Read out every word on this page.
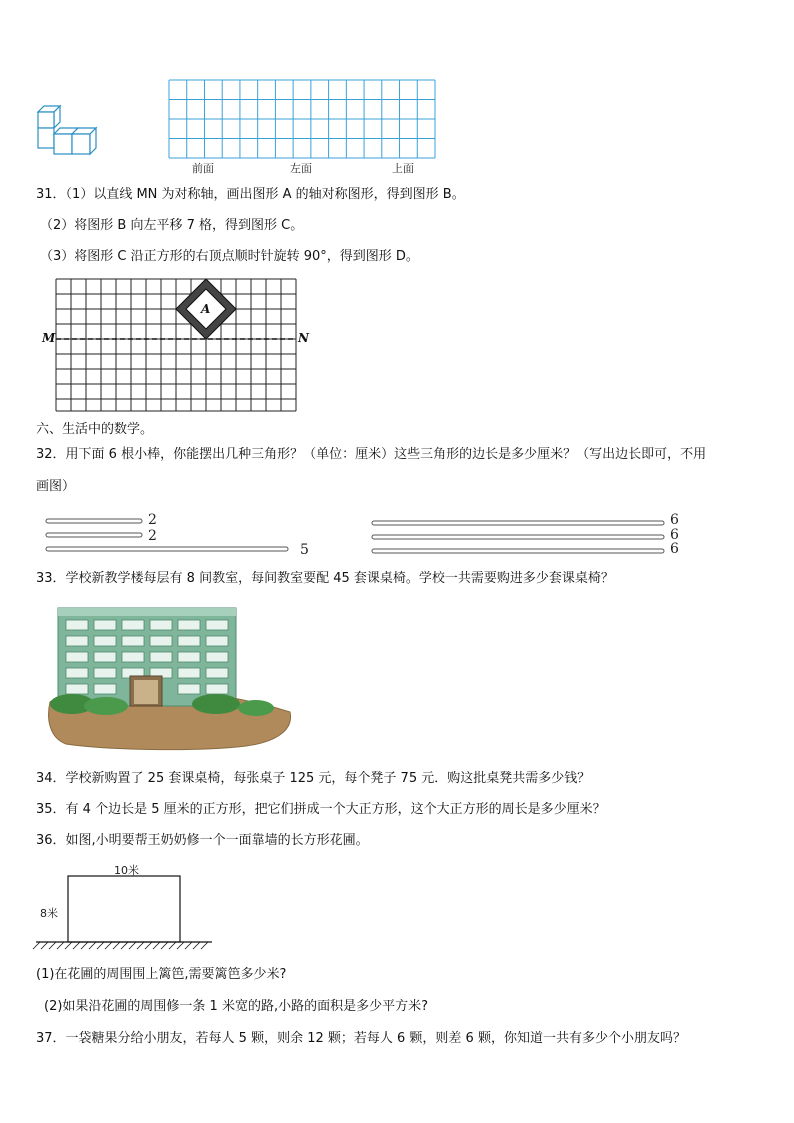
前面	左面	上面
31．（1）以直线 MN 为对称轴，画出图形 A 的轴对称图形，得到图形 B。
（2）将图形 B 向左平移 7 格，得到图形 C。
（3）将图形 C 沿正方形的右顶点顺时针旋转 90°，得到图形 D。
M	N
A
六、生活中的数学。
32．用下面 6 根小棒，你能摆出几种三角形？（单位：厘米）这些三角形的边长是多少厘米？（写出边长即可，不用
画图）
2
2
5
6
6
6
33．学校新教学楼每层有 8 间教室，每间教室要配 45 套课桌椅。学校一共需要购进多少套课桌椅？
34．学校新购置了 25 套课桌椅，每张桌子 125 元，每个凳子 75 元．购这批桌凳共需多少钱？
35．有 4 个边长是 5 厘米的正方形，把它们拼成一个大正方形，这个大正方形的周长是多少厘米？
36．如图,小明要帮王奶奶修一个一面靠墙的长方形花圃。
10米
8米
(1)在花圃的周围围上篱笆,需要篱笆多少米?
(2)如果沿花圃的周围修一条 1 米宽的路,小路的面积是多少平方米?
37．一袋糖果分给小朋友，若每人 5 颗，则余 12 颗；若每人 6 颗，则差 6 颗，你知道一共有多少个小朋友吗？
